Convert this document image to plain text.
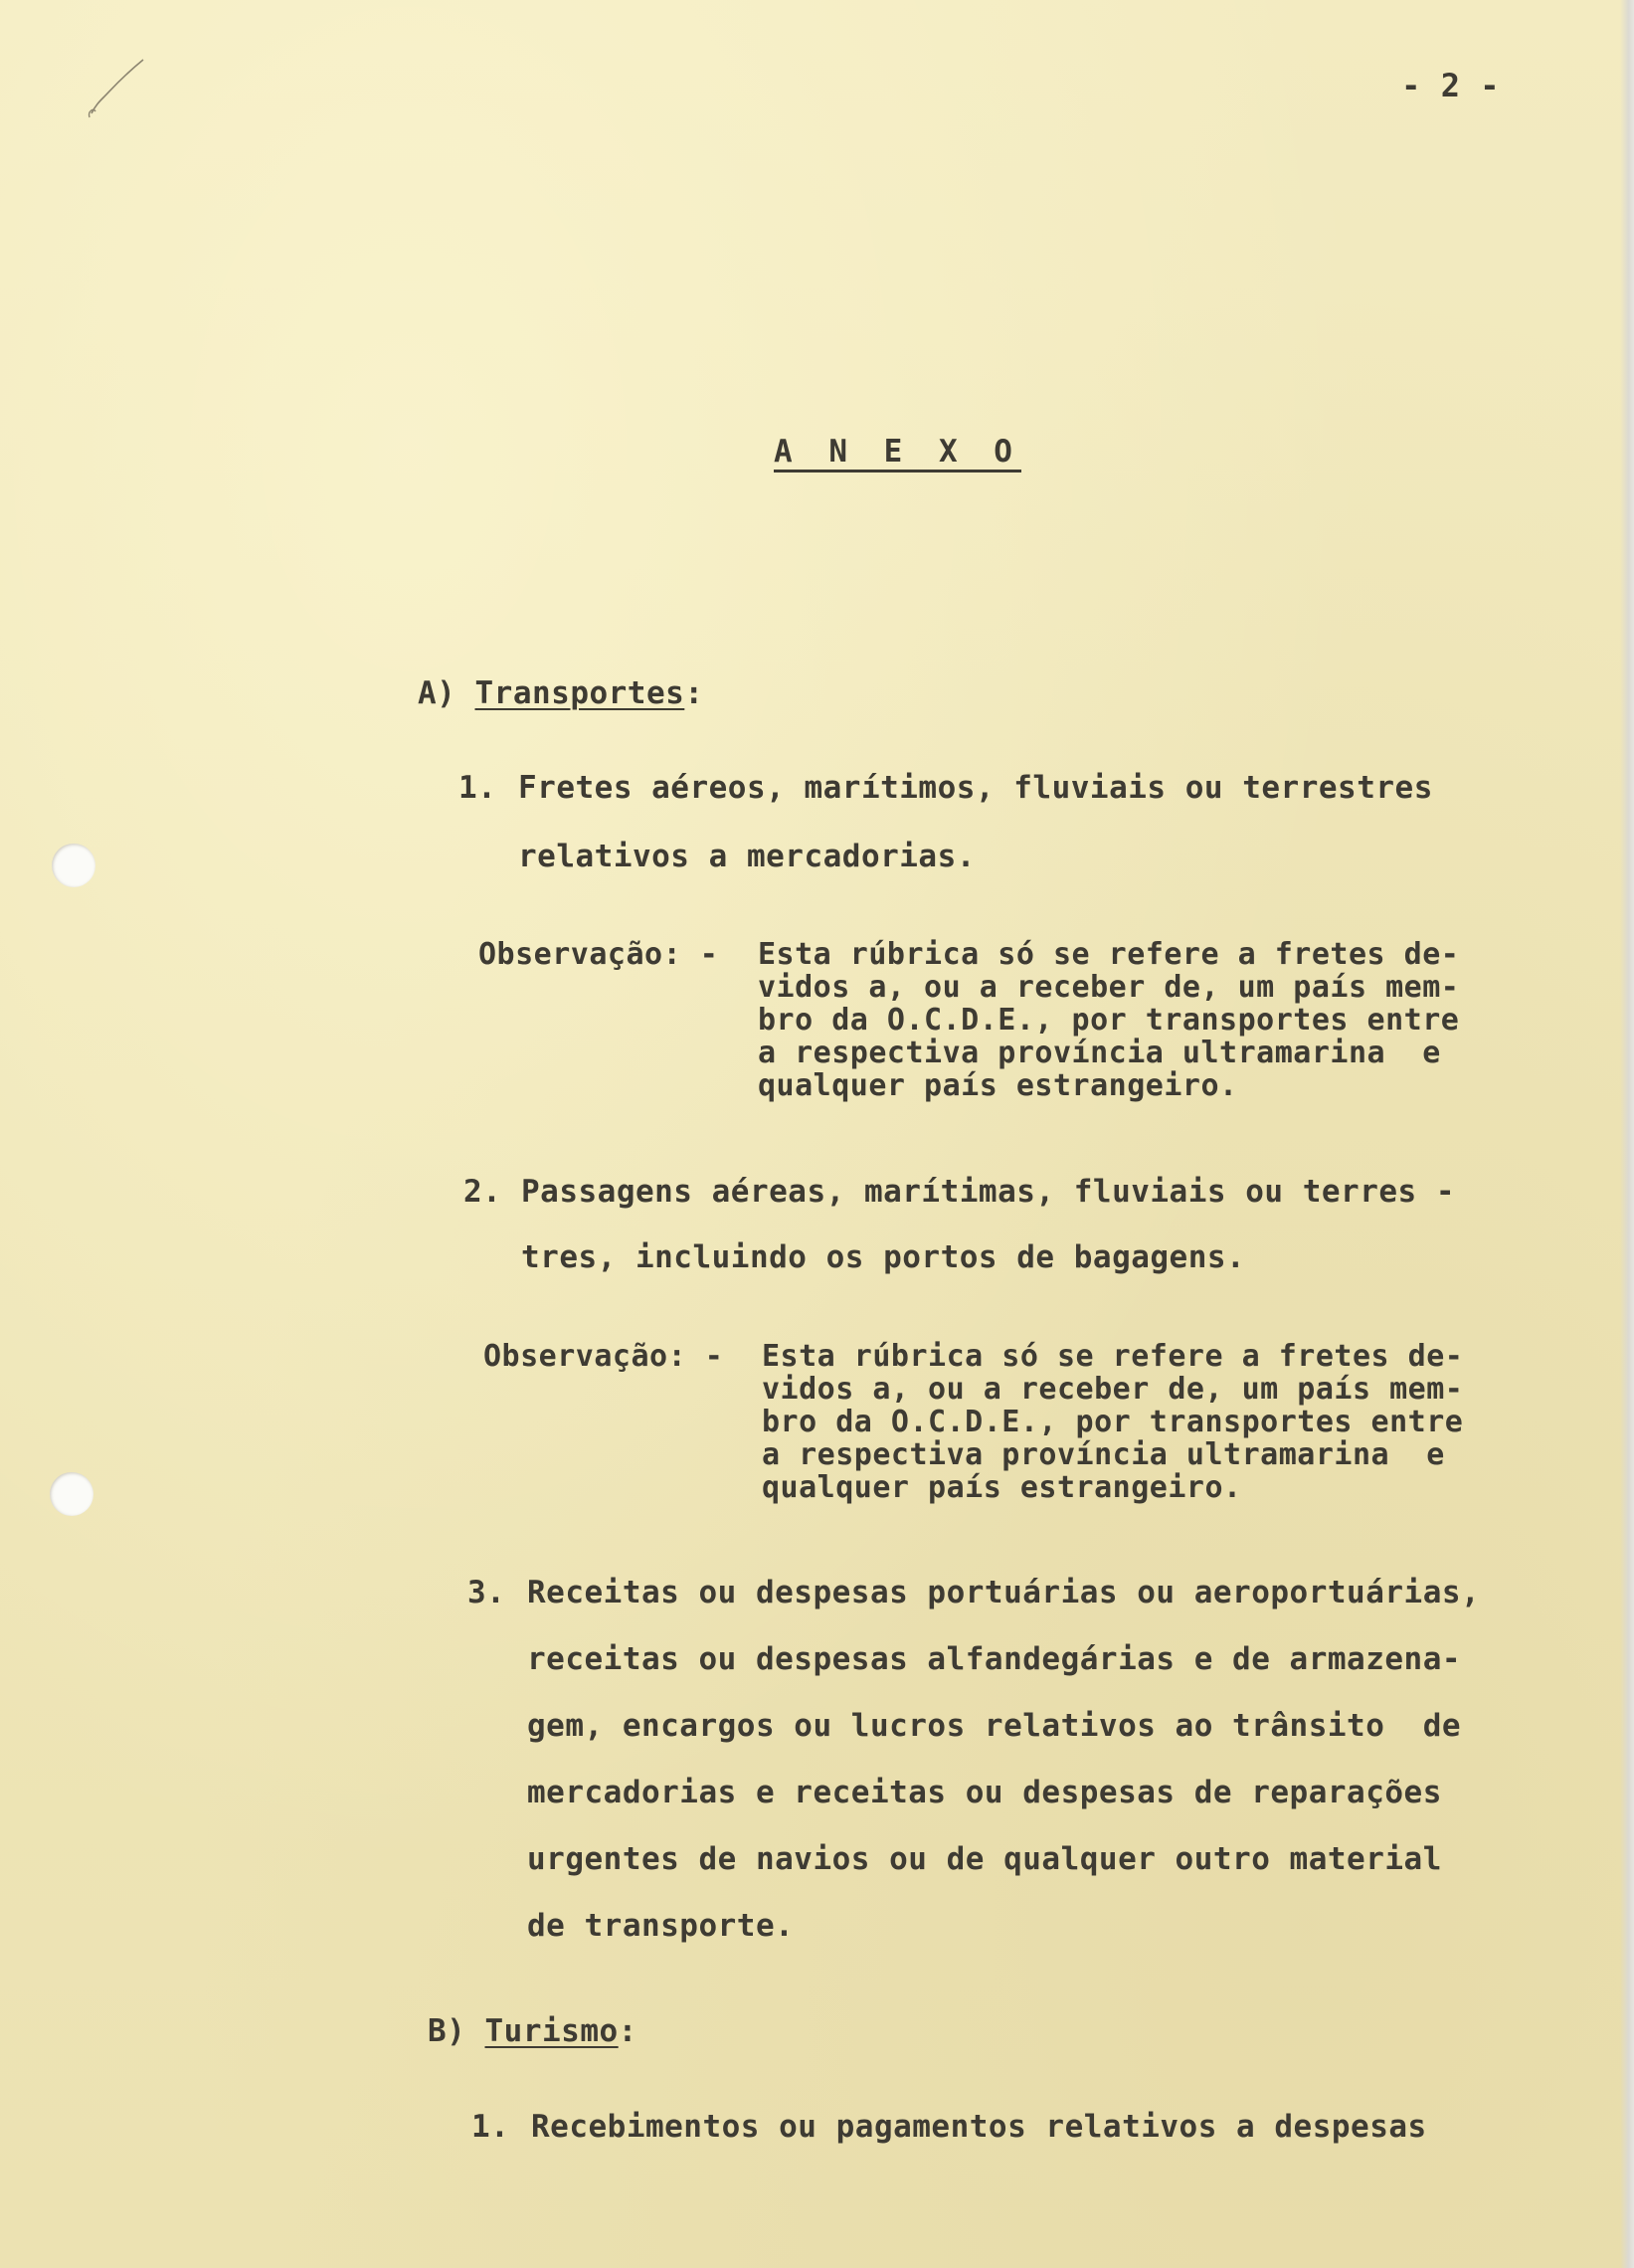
- 2 -
A N E X O
A) Transportes:
1. Fretes aéreos, marítimos, fluviais ou terrestres
relativos a mercadorias.
Observação: - Esta rúbrica só se refere a fretes de-
vidos a, ou a receber de, um país mem-
bro da O.C.D.E., por transportes entre
a respectiva província ultramarina  e
qualquer país estrangeiro.
2. Passagens aéreas, marítimas, fluviais ou terres -
tres, incluindo os portos de bagagens.
Observação: - Esta rúbrica só se refere a fretes de-
vidos a, ou a receber de, um país mem-
bro da O.C.D.E., por transportes entre
a respectiva província ultramarina  e
qualquer país estrangeiro.
3. Receitas ou despesas portuárias ou aeroportuárias,
receitas ou despesas alfandegárias e de armazena-
gem, encargos ou lucros relativos ao trânsito  de
mercadorias e receitas ou despesas de reparações
urgentes de navios ou de qualquer outro material
de transporte.
B) Turismo:
1. Recebimentos ou pagamentos relativos a despesas
